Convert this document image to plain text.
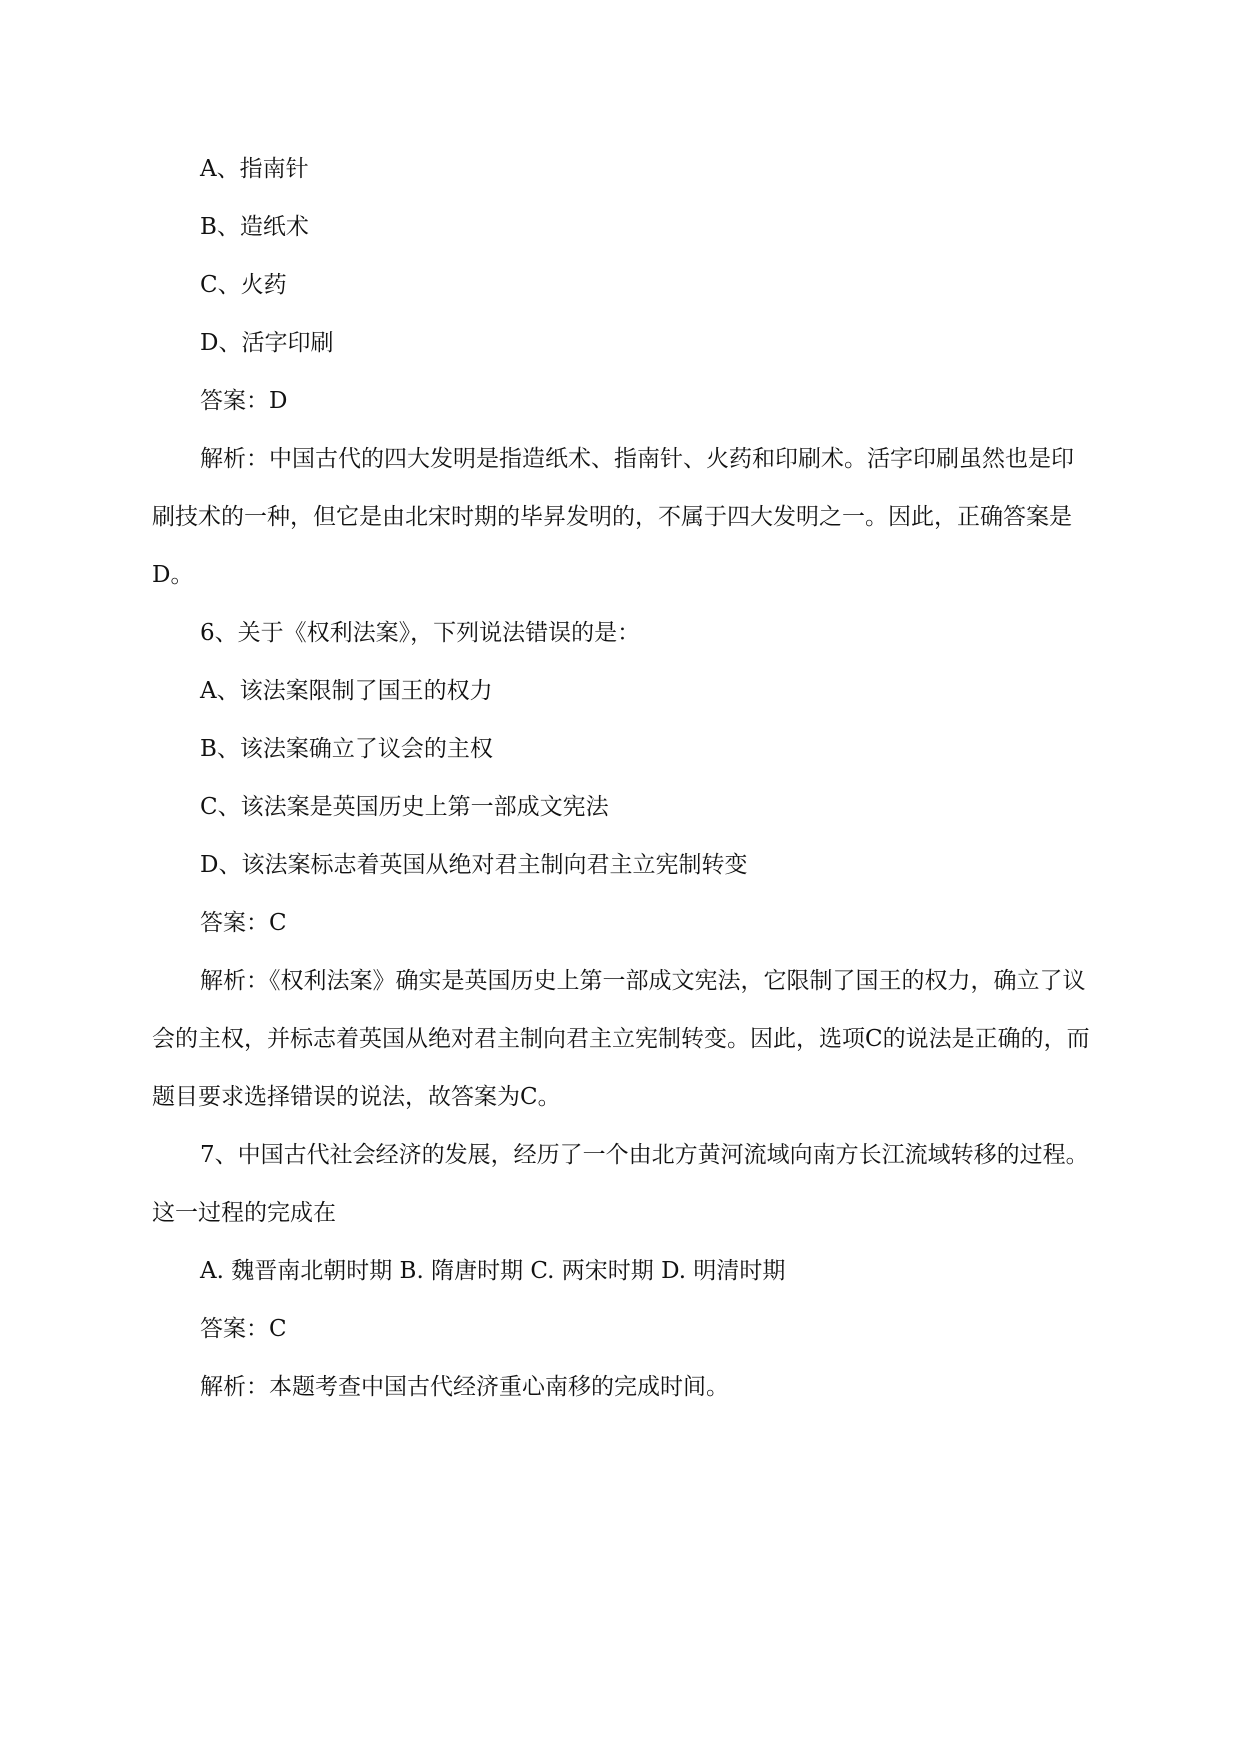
A、指南针

B、造纸术

C、火药

D、活字印刷

答案：D

解析：中国古代的四大发明是指造纸术、指南针、火药和印刷术。活字印刷虽然也是印刷技术的一种，但它是由北宋时期的毕昇发明的，不属于四大发明之一。因此，正确答案是D。

6、关于《权利法案》，下列说法错误的是：

A、该法案限制了国王的权力

B、该法案确立了议会的主权

C、该法案是英国历史上第一部成文宪法

D、该法案标志着英国从绝对君主制向君主立宪制转变

答案：C

解析：《权利法案》确实是英国历史上第一部成文宪法，它限制了国王的权力，确立了议会的主权，并标志着英国从绝对君主制向君主立宪制转变。因此，选项C的说法是正确的，而题目要求选择错误的说法，故答案为C。

7、中国古代社会经济的发展，经历了一个由北方黄河流域向南方长江流域转移的过程。这一过程的完成在

A. 魏晋南北朝时期 B. 隋唐时期 C. 两宋时期 D. 明清时期

答案：C

解析：本题考查中国古代经济重心南移的完成时间。
